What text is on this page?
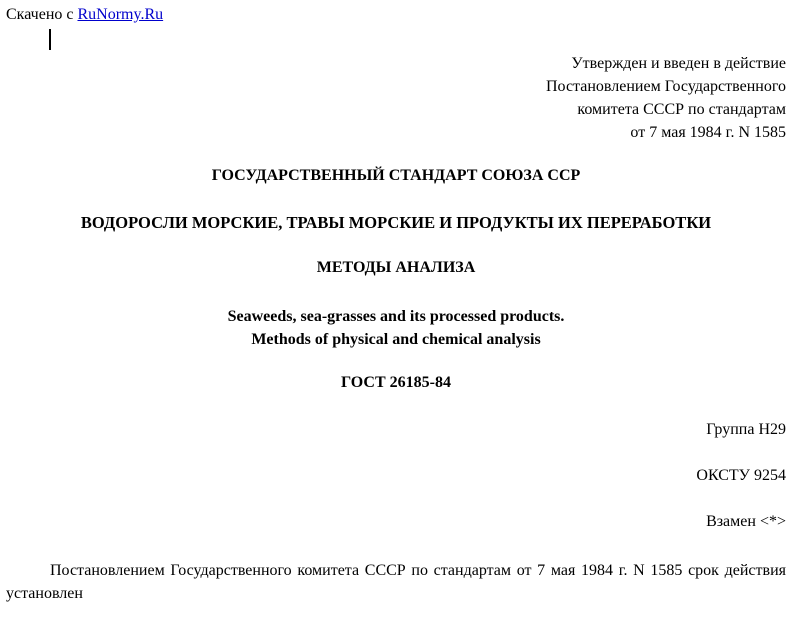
Скачено с RuNormy.Ru
Утвержден и введен в действие
Постановлением Государственного
комитета СССР по стандартам
от 7 мая 1984 г. N 1585
ГОСУДАРСТВЕННЫЙ СТАНДАРТ СОЮЗА ССР
ВОДОРОСЛИ МОРСКИЕ, ТРАВЫ МОРСКИЕ И ПРОДУКТЫ ИХ ПЕРЕРАБОТКИ
МЕТОДЫ АНАЛИЗА
Seaweeds, sea-grasses and its processed products.
Methods of physical and chemical analysis
ГОСТ 26185-84
Группа Н29
ОКСТУ 9254
Взамен <*>
Постановлением Государственного комитета СССР по стандартам от 7 мая 1984 г. N 1585 срок действия установлен
